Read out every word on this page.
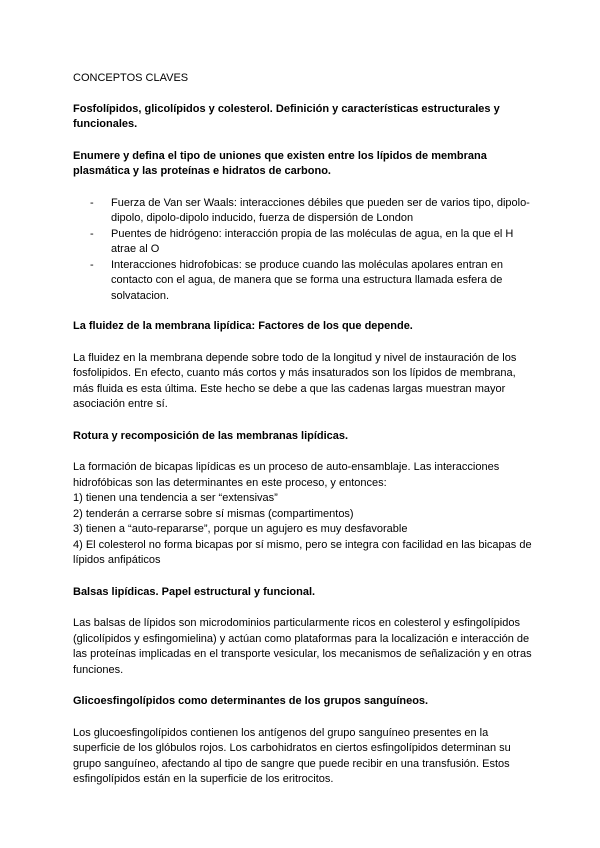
CONCEPTOS CLAVES

Fosfolípidos, glicolípidos y colesterol. Definición y características estructurales y funcionales.

Enumere y defina el tipo de uniones que existen entre los lípidos de membrana plasmática y las proteínas e hidratos de carbono.

- Fuerza de Van ser Waals: interacciones débiles que pueden ser de varios tipo, dipolo-dipolo, dipolo-dipolo inducido, fuerza de dispersión de London
- Puentes de hidrógeno: interacción propia de las moléculas de agua, en la que el H atrae al O
- Interacciones hidrofobicas: se produce cuando las moléculas apolares entran en contacto con el agua, de manera que se forma una estructura llamada esfera de solvatacion.

La fluidez de la membrana lipídica: Factores de los que depende.

La fluidez en la membrana depende sobre todo de la longitud y nivel de instauración de los fosfolipidos. En efecto, cuanto más cortos y más insaturados son los lípidos de membrana, más fluida es esta última. Este hecho se debe a que las cadenas largas muestran mayor asociación entre sí.

Rotura y recomposición de las membranas lipídicas.

La formación de bicapas lipídicas es un proceso de auto-ensamblaje. Las interacciones hidrofóbicas son las determinantes en este proceso, y entonces:

1) tienen una tendencia a ser “extensivas”
2) tenderán a cerrarse sobre sí mismas (compartimentos)
3) tienen a “auto-repararse”, porque un agujero es muy desfavorable
4) El colesterol no forma bicapas por sí mismo, pero se integra con facilidad en las bicapas de lípidos anfipáticos

Balsas lipídicas. Papel estructural y funcional.

Las balsas de lípidos son microdominios particularmente ricos en colesterol y esfingolípidos (glicolípidos y esfingomielina) y actúan como plataformas para la localización e interacción de las proteínas implicadas en el transporte vesicular, los mecanismos de señalización y en otras funciones.

Glicoesfingolípidos como determinantes de los grupos sanguíneos.

Los glucoesfingolípidos contienen los antígenos del grupo sanguíneo presentes en la superficie de los glóbulos rojos. Los carbohidratos en ciertos esfingolípidos determinan su grupo sanguíneo, afectando al tipo de sangre que puede recibir en una transfusión. Estos esfingolípidos están en la superficie de los eritrocitos.
